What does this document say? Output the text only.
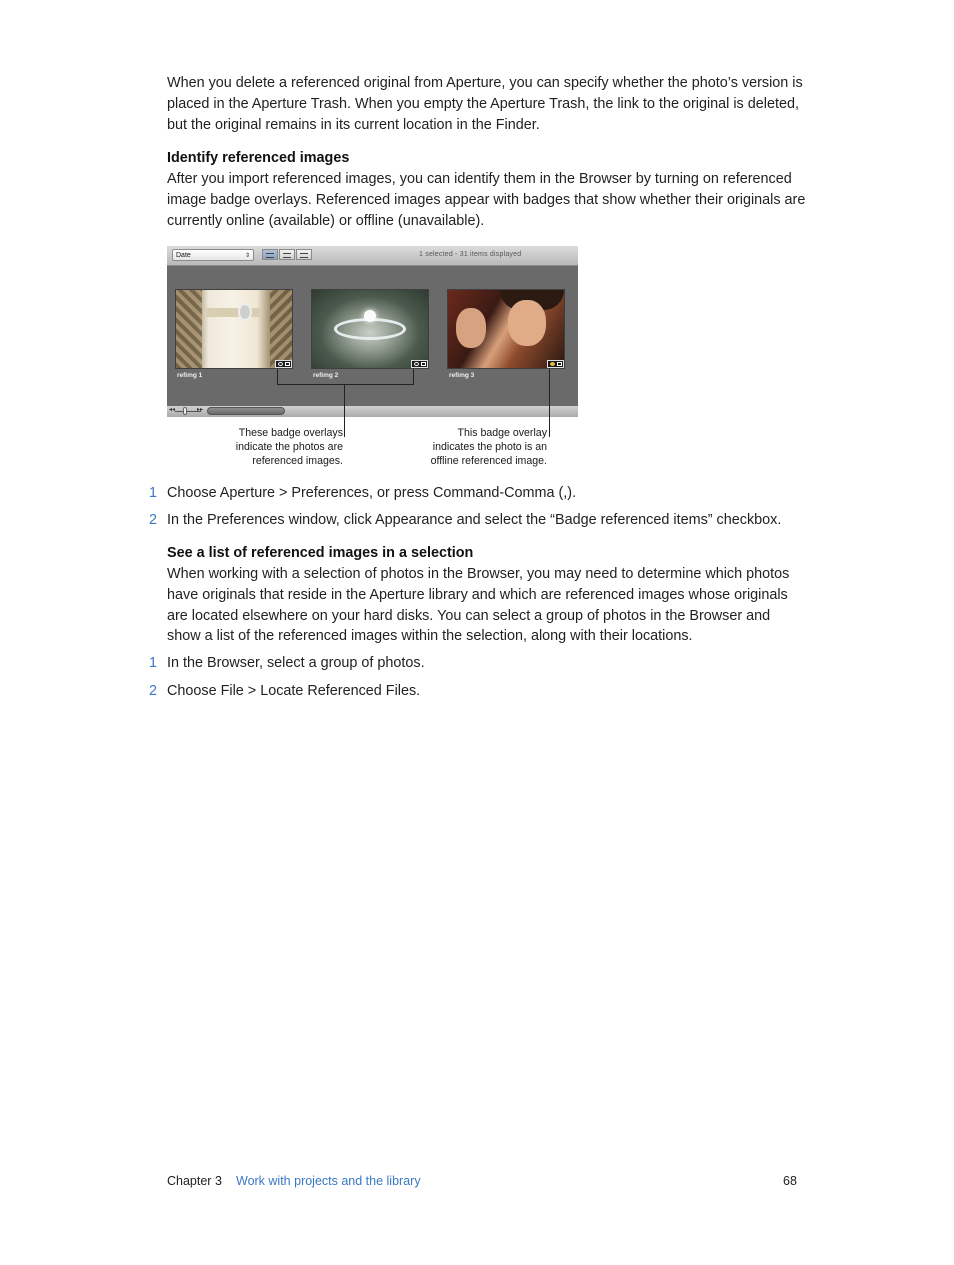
When you delete a referenced original from Aperture, you can specify whether the photo’s version is placed in the Aperture Trash. When you empty the Aperture Trash, the link to the original is deleted, but the original remains in its current location in the Finder.

Identify referenced images

After you import referenced images, you can identify them in the Browser by turning on referenced image badge overlays. Referenced images appear with badges that show whether their originals are currently online (available) or offline (unavailable).

Date	⇕	1 selected - 31 items displayed
refimg 1	refimg 2	refimg 3
◂◂	▸▸
These badge overlays
indicate the photos are
referenced images.
This badge overlay
indicates the photo is an
offline referenced image.
1 Choose Aperture > Preferences, or press Command-Comma (,).
2 In the Preferences window, click Appearance and select the “Badge referenced items” checkbox.

See a list of referenced images in a selection

When working with a selection of photos in the Browser, you may need to determine which photos have originals that reside in the Aperture library and which are referenced images whose originals are located elsewhere on your hard disks. You can select a group of photos in the Browser and show a list of the referenced images within the selection, along with their locations.

1 In the Browser, select a group of photos.
2 Choose File > Locate Referenced Files.
Chapter 3 Work with projects and the library	68
